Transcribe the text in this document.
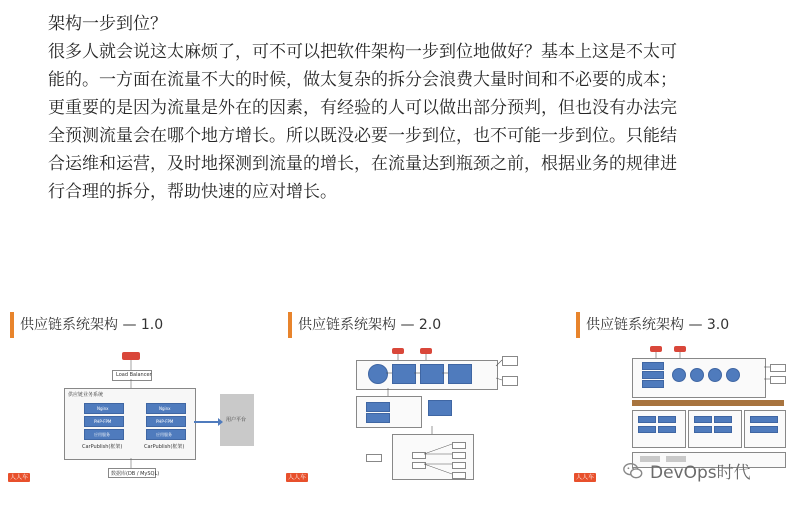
架构一步到位？

很多人就会说这太麻烦了，可不可以把软件架构一步到位地做好？基本上这是不太可

能的。一方面在流量不大的时候，做太复杂的拆分会浪费大量时间和不必要的成本；

更重要的是因为流量是外在的因素，有经验的人可以做出部分预判，但也没有办法完

全预测流量会在哪个地方增长。所以既没必要一步到位，也不可能一步到位。只能结

合运维和运营，及时地探测到流量的增长，在流量达到瓶颈之前，根据业务的规律进

行合理的拆分，帮助快速的应对增长。

供应链系统架构 — 1.0
Load Balancer
供应链业务系统
Nginx
PHP-FPM
应用服务
Nginx
PHP-FPM
应用服务
CarPublish(框架)	CarPublish(框架)
用户平台
数据库(DB / MySQL)
人人车
供应链系统架构 — 2.0
人人车
供应链系统架构 — 3.0
人人车	DevOps时代
